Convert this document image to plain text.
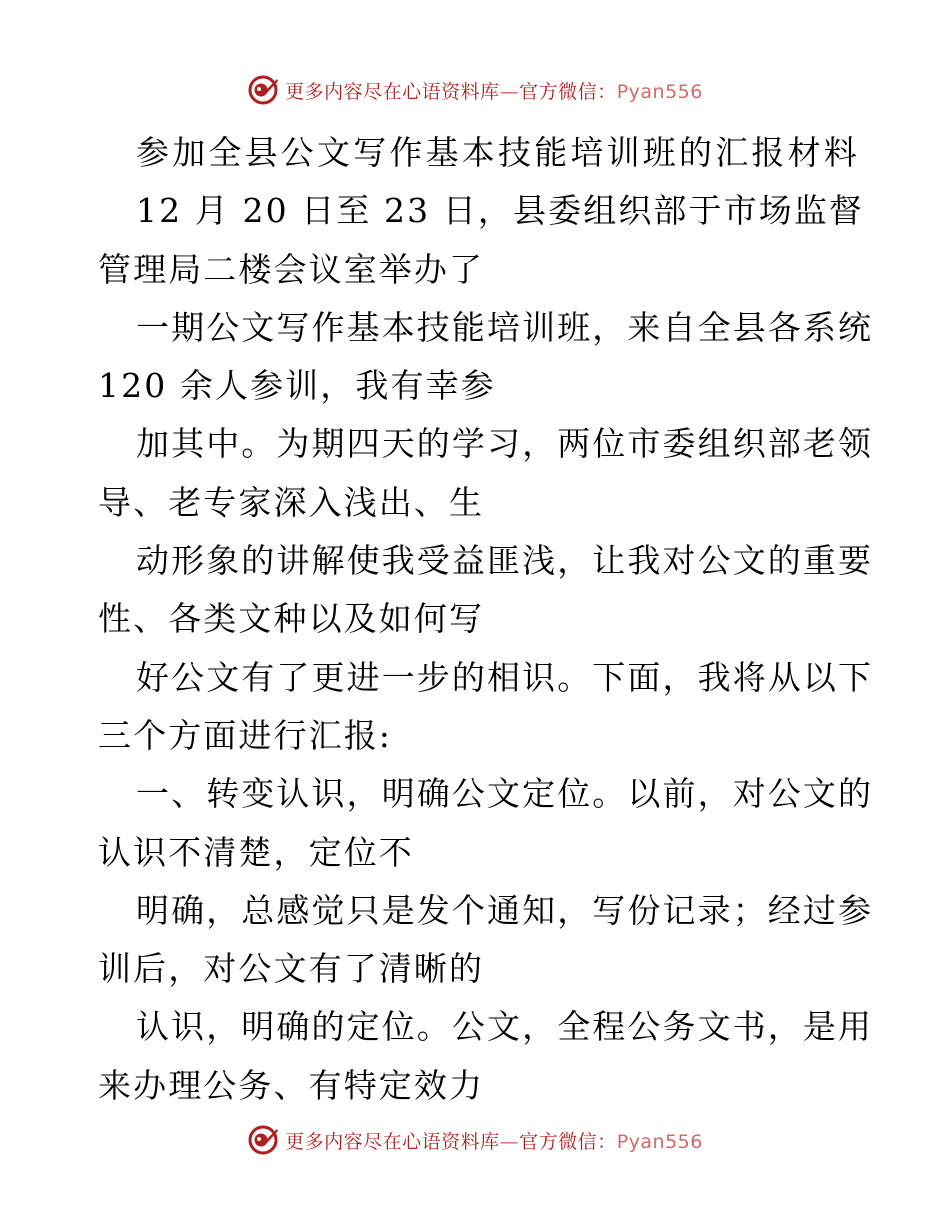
更多内容尽在心语资料库—官方微信：Pyan556
参加全县公文写作基本技能培训班的汇报材料
12 月 20 日至 23 日，县委组织部于市场监督
管理局二楼会议室举办了
一期公文写作基本技能培训班，来自全县各系统
120 余人参训，我有幸参
加其中。为期四天的学习，两位市委组织部老领
导、老专家深入浅出、生
动形象的讲解使我受益匪浅，让我对公文的重要
性、各类文种以及如何写
好公文有了更进一步的相识。下面，我将从以下
三个方面进行汇报:
一、转变认识，明确公文定位。以前，对公文的
认识不清楚，定位不
明确，总感觉只是发个通知，写份记录；经过参
训后，对公文有了清晰的
认识，明确的定位。公文，全程公务文书，是用
来办理公务、有特定效力
更多内容尽在心语资料库—官方微信：Pyan556
